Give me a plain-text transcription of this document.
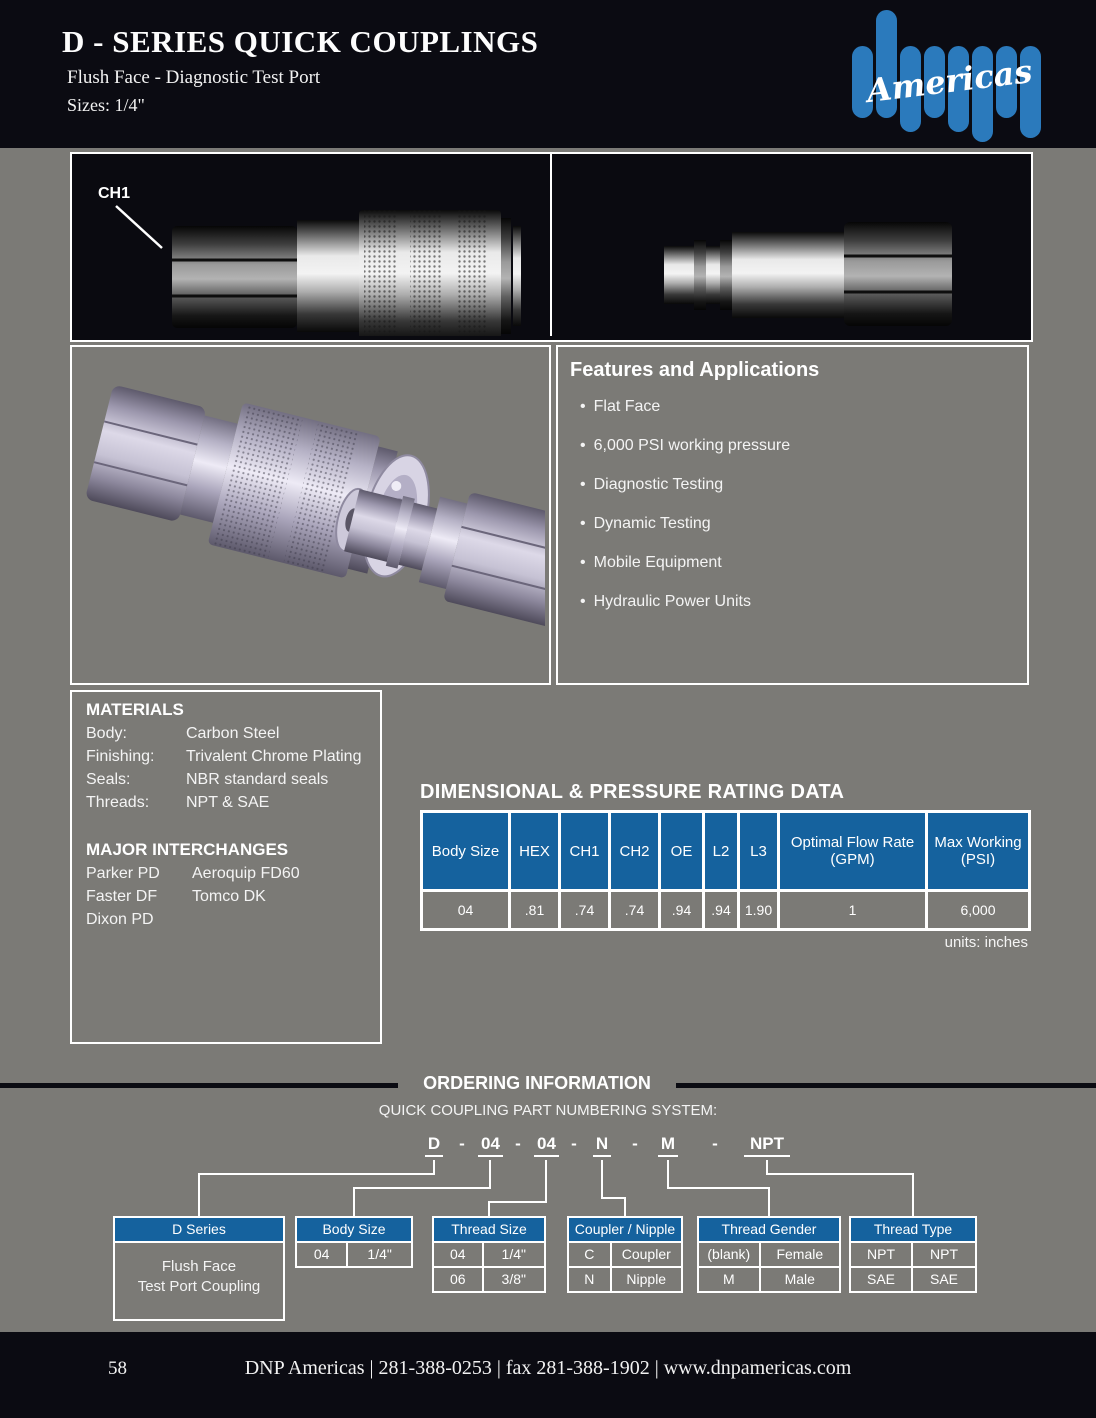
D - SERIES QUICK COUPLINGS
Flush Face - Diagnostic Test Port
Sizes: 1/4"	Americas
CH1
Features and Applications
• Flat Face
• 6,000 PSI working pressure
• Diagnostic Testing
• Dynamic Testing
• Mobile Equipment
• Hydraulic Power Units
MATERIALS
Body:	Carbon Steel
Finishing:	Trivalent Chrome Plating
Seals:	NBR standard seals
Threads:	NPT & SAE
MAJOR INTERCHANGES
Parker PD	Aeroquip FD60
Faster DF	Tomco DK
Dixon PD
DIMENSIONAL & PRESSURE RATING DATA
Body Size	HEX	CH1	CH2	OE	L2	L3	Optimal Flow Rate (GPM)	Max Working (PSI)
04	.81	.74	.74	.94	.94	1.90	1	6,000
units: inches
ORDERING INFORMATION
QUICK COUPLING PART NUMBERING SYSTEM:
D - 04 - 04 - N - M -	NPT
D Series
Flush Face
Test Port Coupling
Body Size
04	1/4"
Thread Size
04	1/4"
06	3/8"
Coupler / Nipple
C	Coupler
N	Nipple
Thread Gender
(blank)	Female
M	Male
Thread Type
NPT	NPT
SAE	SAE
58	DNP Americas | 281-388-0253 | fax 281-388-1902 | www.dnpamericas.com
